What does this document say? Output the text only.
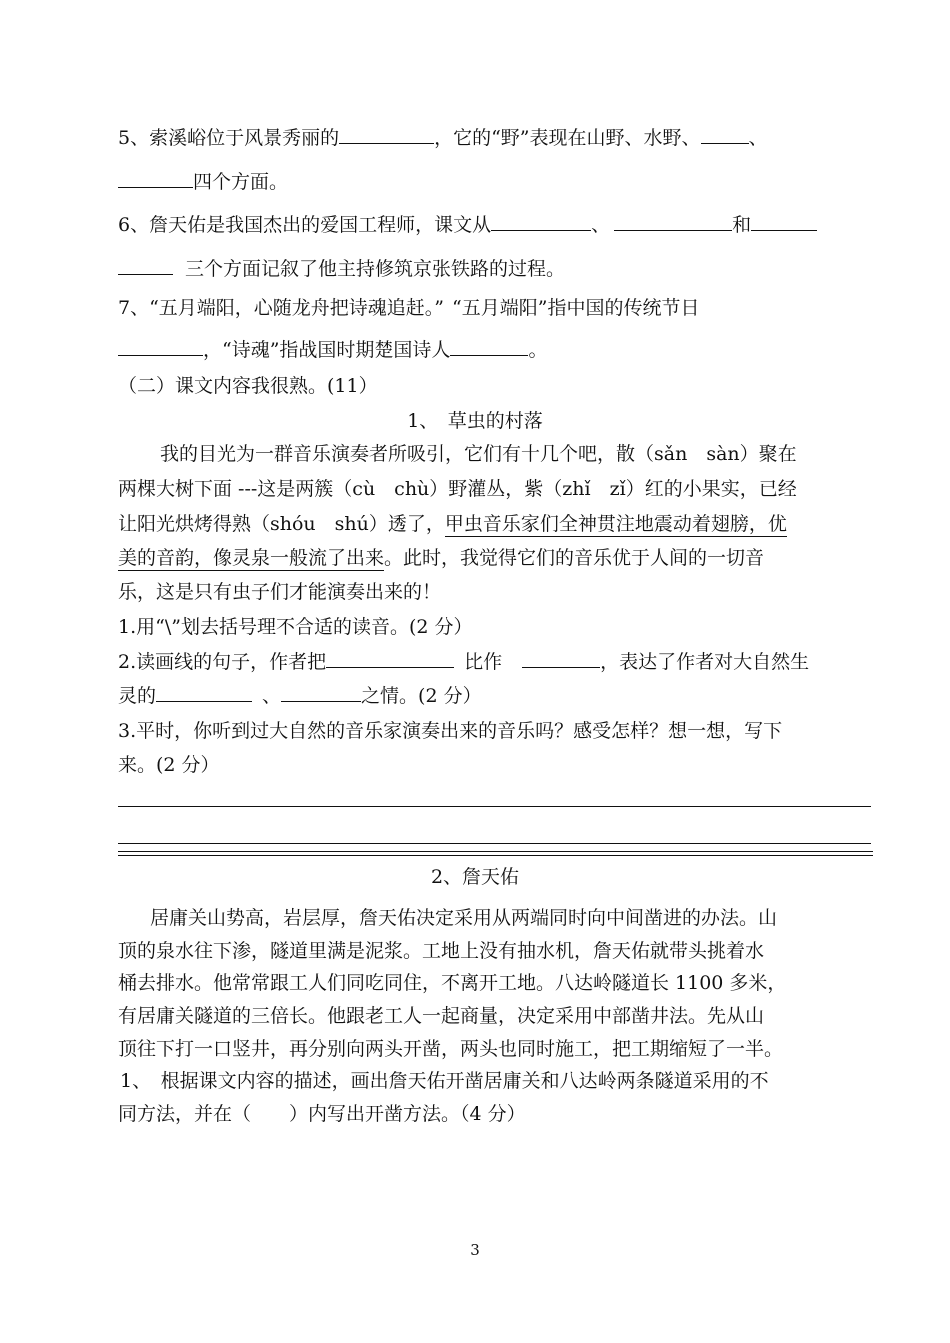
5、索溪峪位于风景秀丽的	，它的“野”表现在山野、水野、	、
四个方面。
6、詹天佑是我国杰出的爱国工程师，课文从	、	和
三个方面记叙了他主持修筑京张铁路的过程。
7、“五月端阳，心随龙舟把诗魂追赶。” “五月端阳”指中国的传统节日
，“诗魂”指战国时期楚国诗人	。
（二）课文内容我很熟。(11）
1、　草虫的村落
我的目光为一群音乐演奏者所吸引，它们有十几个吧，散（sǎn　sàn）聚在
两棵大树下面 ---这是两簇（cù　chù）野灌丛，紫（zhǐ　zǐ）红的小果实，已经
让阳光烘烤得熟（shóu　shú）透了，甲虫音乐家们全神贯注地震动着翅膀，优
美的音韵，像灵泉一般流了出来。此时，我觉得它们的音乐优于人间的一切音
乐，这是只有虫子们才能演奏出来的！
1.用“\”划去括号理不合适的读音。(2 分）
2.读画线的句子，作者把	比作	，表达了作者对大自然生
灵的	、	之情。(2 分）
3.平时，你听到过大自然的音乐家演奏出来的音乐吗？感受怎样？想一想，写下
来。(2 分）
2、詹天佑
居庸关山势高，岩层厚，詹天佑决定采用从两端同时向中间凿进的办法。山
顶的泉水往下渗，隧道里满是泥浆。工地上没有抽水机，詹天佑就带头挑着水
桶去排水。他常常跟工人们同吃同住，不离开工地。八达岭隧道长 1100 多米，
有居庸关隧道的三倍长。他跟老工人一起商量，决定采用中部凿井法。先从山
顶往下打一口竖井，再分别向两头开凿，两头也同时施工，把工期缩短了一半。
1、　根据课文内容的描述，画出詹天佑开凿居庸关和八达岭两条隧道采用的不
同方法，并在（　　）内写出开凿方法。（4 分）
3
